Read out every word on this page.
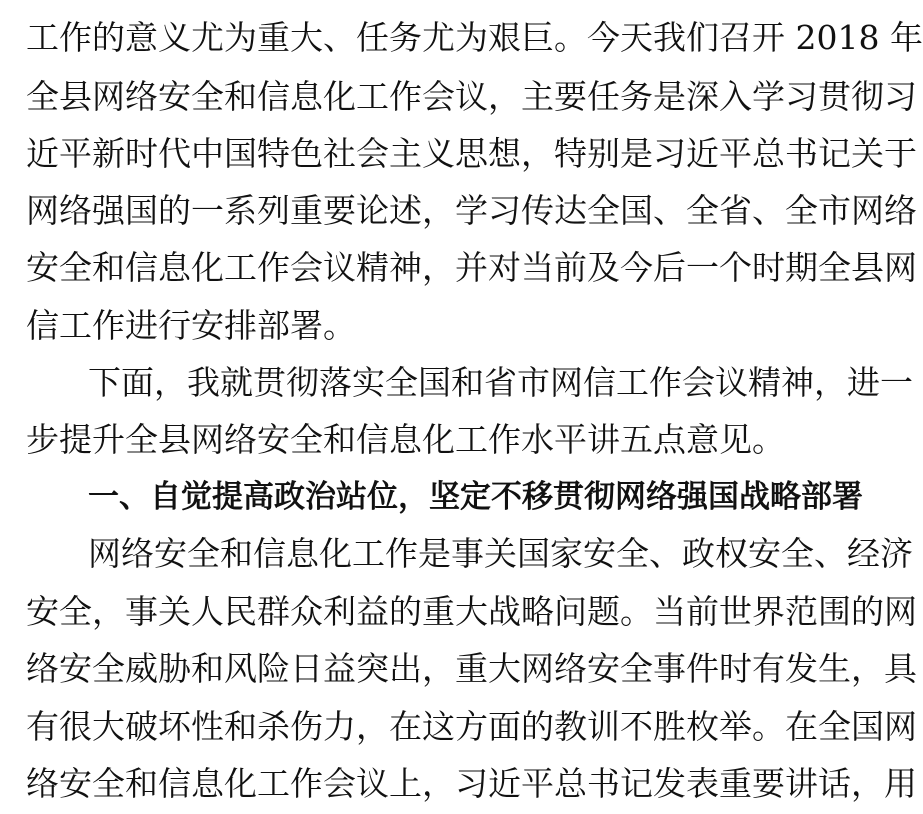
工作的意义尤为重大、任务尤为艰巨。今天我们召开 2018 年
全县网络安全和信息化工作会议，主要任务是深入学习贯彻习
近平新时代中国特色社会主义思想，特别是习近平总书记关于
网络强国的一系列重要论述，学习传达全国、全省、全市网络
安全和信息化工作会议精神，并对当前及今后一个时期全县网
信工作进行安排部署。
下面，我就贯彻落实全国和省市网信工作会议精神，进一
步提升全县网络安全和信息化工作水平讲五点意见。
一、自觉提高政治站位，坚定不移贯彻网络强国战略部署
网络安全和信息化工作是事关国家安全、政权安全、经济
安全，事关人民群众利益的重大战略问题。当前世界范围的网
络安全威胁和风险日益突出，重大网络安全事件时有发生，具
有很大破坏性和杀伤力，在这方面的教训不胜枚举。在全国网
络安全和信息化工作会议上，习近平总书记发表重要讲话，用
